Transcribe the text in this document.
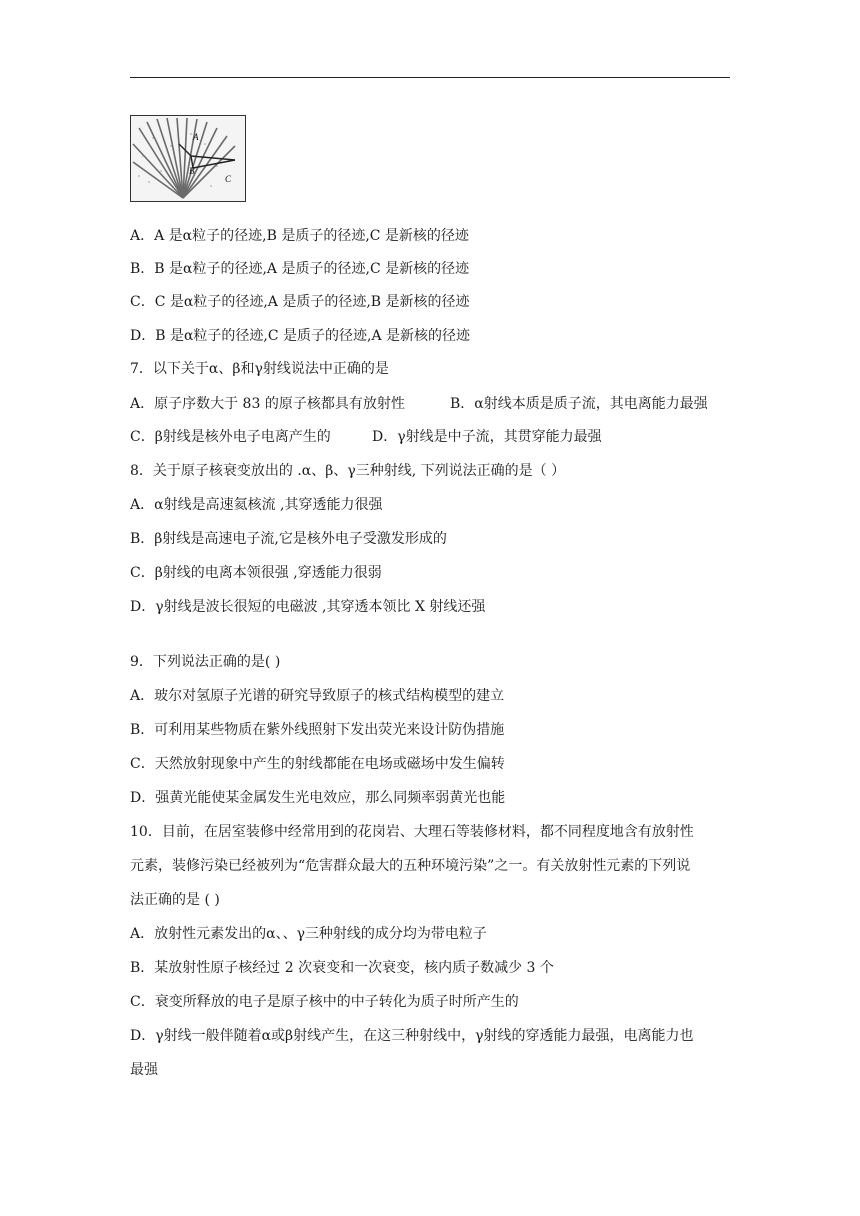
A
B
C
A．A 是α粒子的径迹,B 是质子的径迹,C 是新核的径迹
B．B 是α粒子的径迹,A 是质子的径迹,C 是新核的径迹
C．C 是α粒子的径迹,A 是质子的径迹,B 是新核的径迹
D．B 是α粒子的径迹,C 是质子的径迹,A 是新核的径迹
7．以下关于α、β和γ射线说法中正确的是
A．原子序数大于 83 的原子核都具有放射性	B．α射线本质是质子流，其电离能力最强
C．β射线是核外电子电离产生的	D．γ射线是中子流，其贯穿能力最强
8．关于原子核衰变放出的 .α、β、γ三种射线, 下列说法正确的是（ ）
A．α射线是高速氦核流 ,其穿透能力很强
B．β射线是高速电子流,它是核外电子受激发形成的
C．β射线的电离本领很强 ,穿透能力很弱
D．γ射线是波长很短的电磁波 ,其穿透本领比 X 射线还强
9．下列说法正确的是( )
A．玻尔对氢原子光谱的研究导致原子的核式结构模型的建立
B．可利用某些物质在紫外线照射下发出荧光来设计防伪措施
C．天然放射现象中产生的射线都能在电场或磁场中发生偏转
D．强黄光能使某金属发生光电效应，那么同频率弱黄光也能
10．目前，在居室装修中经常用到的花岗岩、大理石等装修材料，都不同程度地含有放射性
元素，装修污染已经被列为“危害群众最大的五种环境污染”之一。有关放射性元素的下列说
法正确的是 ( )
A．放射性元素发出的α、、γ三种射线的成分均为带电粒子
B．某放射性原子核经过 2 次衰变和一次衰变，核内质子数减少 3 个
C．衰变所释放的电子是原子核中的中子转化为质子时所产生的
D．γ射线一般伴随着α或β射线产生，在这三种射线中，γ射线的穿透能力最强，电离能力也
最强
